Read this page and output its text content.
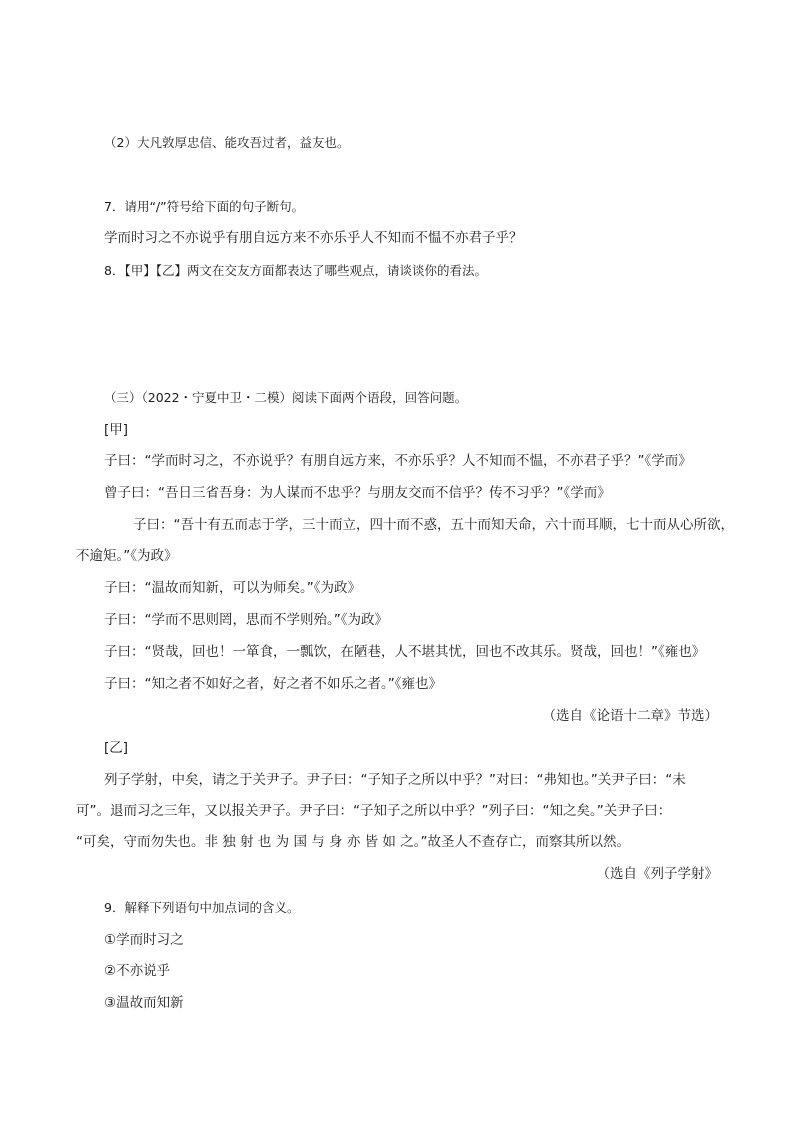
（2）大凡敦厚忠信、能攻吾过者，益友也。
7．请用“/”符号给下面的句子断句。
学而时习之不亦说乎有朋自远方来不亦乐乎人不知而不愠不亦君子乎？
8．【甲】【乙】两文在交友方面都表达了哪些观点，请谈谈你的看法。
（三）（2022・宁夏中卫・二模）阅读下面两个语段，回答问题。
[甲]
子曰：“学而时习之，不亦说乎？有朋自远方来，不亦乐乎？人不知而不愠，不亦君子乎？”《学而》
曾子曰：“吾日三省吾身：为人谋而不忠乎？与朋友交而不信乎？传不习乎？”《学而》
子曰：“吾十有五而志于学，三十而立，四十而不惑，五十而知天命，六十而耳顺，七十而从心所欲，
不逾矩。”《为政》
子曰：“温故而知新，可以为师矣。”《为政》
子曰：“学而不思则罔，思而不学则殆。”《为政》
子曰：“贤哉，回也！一箪食，一瓢饮，在陋巷，人不堪其忧，回也不改其乐。贤哉，回也！”《雍也》
子曰：“知之者不如好之者，好之者不如乐之者。”《雍也》
（选自《论语十二章》节选）
[乙]
列子学射，中矣，请之于关尹子。尹子曰：“子知子之所以中乎？”对曰：“弗知也。”关尹子曰：“未
可”。退而习之三年，又以报关尹子。尹子曰：“子知子之所以中乎？”列子曰：“知之矣。”关尹子曰：
“可矣，守而勿失也。非 独 射 也 为 国 与 身 亦 皆 如 之。”故圣人不查存亡，而察其所以然。
（选自《列子学射》
9．解释下列语句中加点词的含义。
①学而时习之
②不亦说乎
③温故而知新
